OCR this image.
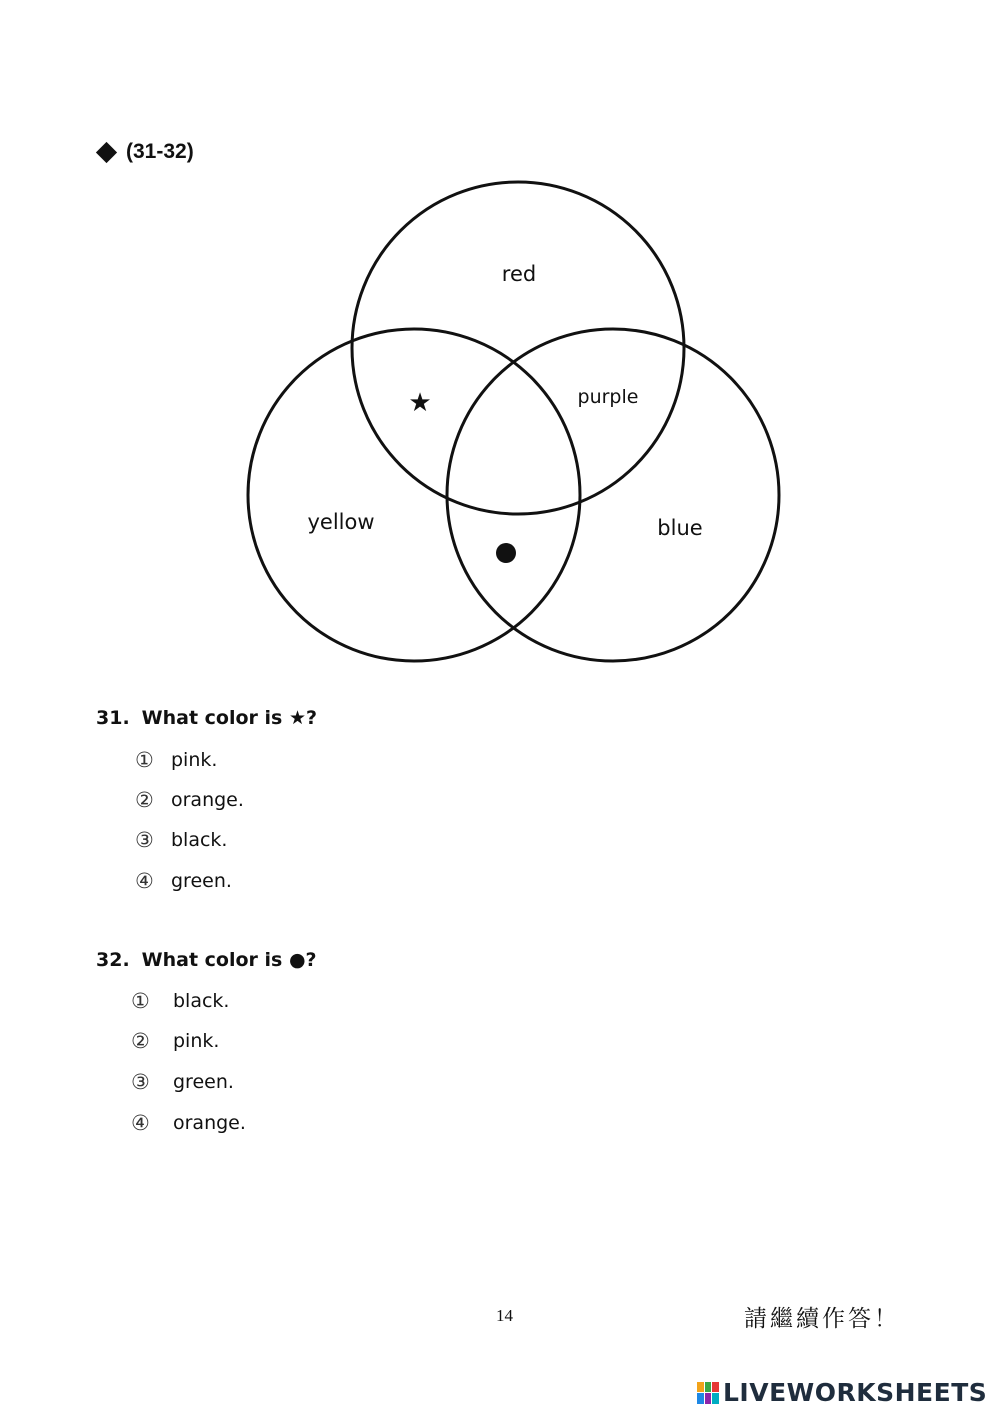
(31-32)
red
purple
yellow	blue
★
31. What color is ★?
① pink.
② orange.
③ black.
④ green.
32. What color is ●?
①	black.
②	pink.
③	green.
④	orange.
14	請繼續作答！
LIVEWORKSHEETS
